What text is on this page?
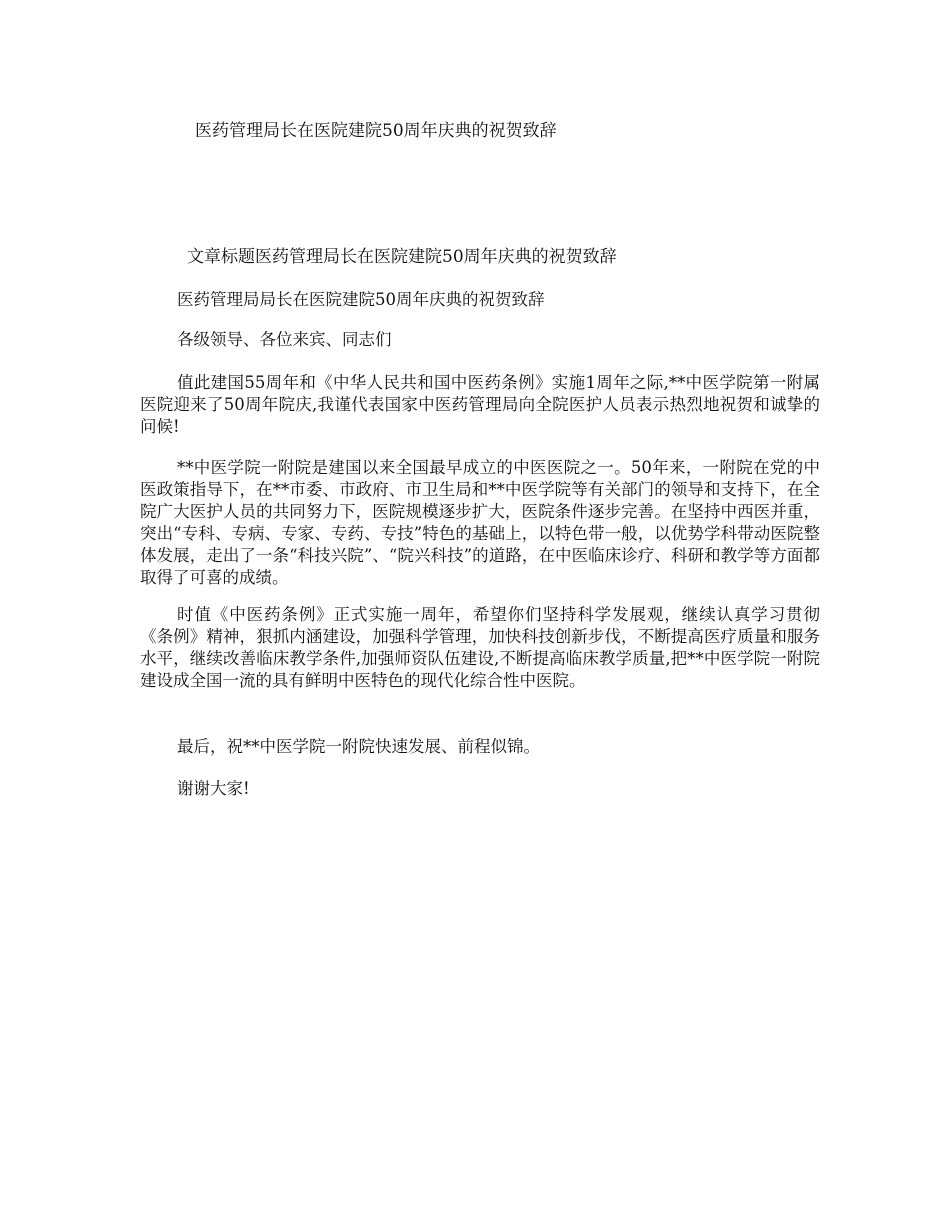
医药管理局长在医院建院50周年庆典的祝贺致辞
文章标题医药管理局长在医院建院50周年庆典的祝贺致辞

医药管理局局长在医院建院50周年庆典的祝贺致辞

各级领导、各位来宾、同志们

值此建国55周年和《中华人民共和国中医药条例》实施1周年之际,**中医学院第一附属医院迎来了50周年院庆,我谨代表国家中医药管理局向全院医护人员表示热烈地祝贺和诚挚的问候!

**中医学院一附院是建国以来全国最早成立的中医医院之一。50年来，一附院在党的中医政策指导下，在**市委、市政府、市卫生局和**中医学院等有关部门的领导和支持下，在全院广大医护人员的共同努力下，医院规模逐步扩大，医院条件逐步完善。在坚持中西医并重，突出“专科、专病、专家、专药、专技”特色的基础上，以特色带一般，以优势学科带动医院整体发展，走出了一条“科技兴院”、“院兴科技”的道路，在中医临床诊疗、科研和教学等方面都取得了可喜的成绩。

时值《中医药条例》正式实施一周年，希望你们坚持科学发展观，继续认真学习贯彻《条例》精神，狠抓内涵建设，加强科学管理，加快科技创新步伐，不断提高医疗质量和服务水平，继续改善临床教学条件,加强师资队伍建设,不断提高临床教学质量,把**中医学院一附院建设成全国一流的具有鲜明中医特色的现代化综合性中医院。

最后，祝**中医学院一附院快速发展、前程似锦。

谢谢大家!
